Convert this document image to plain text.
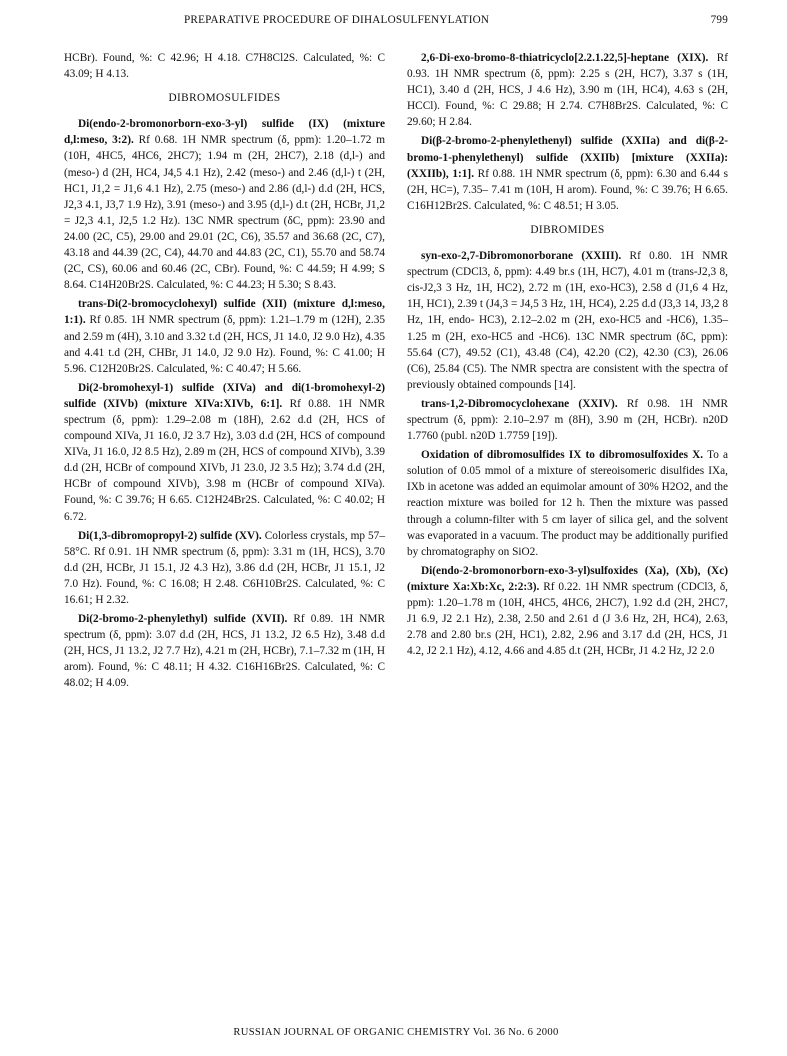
PREPARATIVE PROCEDURE OF DIHALOSULFENYLATION	799

HCBr). Found, %: C 42.96; H 4.18. C7H8Cl2S. Calculated, %: C 43.09; H 4.13.

DIBROMOSULFIDES

Di(endo-2-bromonorborn-exo-3-yl) sulfide (IX) (mixture d,l:meso, 3:2). Rf 0.68. 1H NMR spectrum (δ, ppm): 1.20–1.72 m (10H, 4HC5, 4HC6, 2HC7); 1.94 m (2H, 2HC7), 2.18 (d,l-) and (meso-) d (2H, HC4, J4,5 4.1 Hz), 2.42 (meso-) and 2.46 (d,l-) t (2H, HC1, J1,2 = J1,6 4.1 Hz), 2.75 (meso-) and 2.86 (d,l-) d.d (2H, HCS, J2,3 4.1, J3,7 1.9 Hz), 3.91 (meso-) and 3.95 (d,l-) d.t (2H, HCBr, J1,2 = J2,3 4.1, J2,5 1.2 Hz). 13C NMR spectrum (δC, ppm): 23.90 and 24.00 (2C, C5), 29.00 and 29.01 (2C, C6), 35.57 and 36.68 (2C, C7), 43.18 and 44.39 (2C, C4), 44.70 and 44.83 (2C, C1), 55.70 and 58.74 (2C, CS), 60.06 and 60.46 (2C, CBr). Found, %: C 44.59; H 4.99; S 8.64. C14H20Br2S. Calculated, %: C 44.23; H 5.30; S 8.43.

trans-Di(2-bromocyclohexyl) sulfide (XII) (mixture d,l:meso, 1:1). Rf 0.85. 1H NMR spectrum (δ, ppm): 1.21–1.79 m (12H), 2.35 and 2.59 m (4H), 3.10 and 3.32 t.d (2H, HCS, J1 14.0, J2 9.0 Hz), 4.35 and 4.41 t.d (2H, CHBr, J1 14.0, J2 9.0 Hz). Found, %: C 41.00; H 5.96. C12H20Br2S. Calculated, %: C 40.47; H 5.66.

Di(2-bromohexyl-1) sulfide (XIVa) and di(1-bromohexyl-2) sulfide (XIVb) (mixture XIVa:XIVb, 6:1]. Rf 0.88. 1H NMR spectrum (δ, ppm): 1.29–2.08 m (18H), 2.62 d.d (2H, HCS of compound XIVa, J1 16.0, J2 3.7 Hz), 3.03 d.d (2H, HCS of compound XIVa, J1 16.0, J2 8.5 Hz), 2.89 m (2H, HCS of compound XIVb), 3.39 d.d (2H, HCBr of compound XIVb, J1 23.0, J2 3.5 Hz); 3.74 d.d (2H, HCBr of compound XIVb), 3.98 m (HCBr of compound XIVa). Found, %: C 39.76; H 6.65. C12H24Br2S. Calculated, %: C 40.02; H 6.72.

Di(1,3-dibromopropyl-2) sulfide (XV). Colorless crystals, mp 57–58°C. Rf 0.91. 1H NMR spectrum (δ, ppm): 3.31 m (1H, HCS), 3.70 d.d (2H, HCBr, J1 15.1, J2 4.3 Hz), 3.86 d.d (2H, HCBr, J1 15.1, J2 7.0 Hz). Found, %: C 16.08; H 2.48. C6H10Br2S. Calculated, %: C 16.61; H 2.32.

Di(2-bromo-2-phenylethyl) sulfide (XVII). Rf 0.89. 1H NMR spectrum (δ, ppm): 3.07 d.d (2H, HCS, J1 13.2, J2 6.5 Hz), 3.48 d.d (2H, HCS, J1 13.2, J2 7.7 Hz), 4.21 m (2H, HCBr), 7.1–7.32 m (1H, H arom). Found, %: C 48.11; H 4.32. C16H16Br2S. Calculated, %: C 48.02; H 4.09.

2,6-Di-exo-bromo-8-thiatricyclo[2.2.1.22,5]-heptane (XIX). Rf 0.93. 1H NMR spectrum (δ, ppm): 2.25 s (2H, HC7), 3.37 s (1H, HC1), 3.40 d (2H, HCS, J 4.6 Hz), 3.90 m (1H, HC4), 4.63 s (2H, HCCl). Found, %: C 29.88; H 2.74. C7H8Br2S. Calculated, %: C 29.60; H 2.84.

Di(β-2-bromo-2-phenylethenyl) sulfide (XXIIa) and di(β-2-bromo-1-phenylethenyl) sulfide (XXIIb) [mixture (XXIIa):(XXIIb), 1:1]. Rf 0.88. 1H NMR spectrum (δ, ppm): 6.30 and 6.44 s (2H, HC=), 7.35– 7.41 m (10H, H arom). Found, %: C 39.76; H 6.65. C16H12Br2S. Calculated, %: C 48.51; H 3.05.

DIBROMIDES

syn-exo-2,7-Dibromonorborane (XXIII). Rf 0.80. 1H NMR spectrum (CDCl3, δ, ppm): 4.49 br.s (1H, HC7), 4.01 m (trans-J2,3 8, cis-J2,3 3 Hz, 1H, HC2), 2.72 m (1H, exo-HC3), 2.58 d (J1,6 4 Hz, 1H, HC1), 2.39 t (J4,3 = J4,5 3 Hz, 1H, HC4), 2.25 d.d (J3,3 14, J3,2 8 Hz, 1H, endo- HC3), 2.12–2.02 m (2H, exo-HC5 and -HC6), 1.35–1.25 m (2H, exo-HC5 and -HC6). 13C NMR spectrum (δC, ppm): 55.64 (C7), 49.52 (C1), 43.48 (C4), 42.20 (C2), 42.30 (C3), 26.06 (C6), 25.84 (C5). The NMR spectra are consistent with the spectra of previously obtained compounds [14].

trans-1,2-Dibromocyclohexane (XXIV). Rf 0.98. 1H NMR spectrum (δ, ppm): 2.10–2.97 m (8H), 3.90 m (2H, HCBr). n20D 1.7760 (publ. n20D 1.7759 [19]).

Oxidation of dibromosulfides IX to dibromosulfoxides X. To a solution of 0.05 mmol of a mixture of stereoisomeric disulfides IXa, IXb in acetone was added an equimolar amount of 30% H2O2, and the reaction mixture was boiled for 12 h. Then the mixture was passed through a column-filter with 5 cm layer of silica gel, and the solvent was evaporated in a vacuum. The product may be additionally purified by chromatography on SiO2.

Di(endo-2-bromonorborn-exo-3-yl)sulfoxides (Xa), (Xb), (Xc) (mixture Xa:Xb:Xc, 2:2:3). Rf 0.22. 1H NMR spectrum (CDCl3, δ, ppm): 1.20–1.78 m (10H, 4HC5, 4HC6, 2HC7), 1.92 d.d (2H, 2HC7, J1 6.9, J2 2.1 Hz), 2.38, 2.50 and 2.61 d (J 3.6 Hz, 2H, HC4), 2.63, 2.78 and 2.80 br.s (2H, HC1), 2.82, 2.96 and 3.17 d.d (2H, HCS, J1 4.2, J2 2.1 Hz), 4.12, 4.66 and 4.85 d.t (2H, HCBr, J1 4.2 Hz, J2 2.0

RUSSIAN JOURNAL OF ORGANIC CHEMISTRY Vol. 36 No. 6 2000
